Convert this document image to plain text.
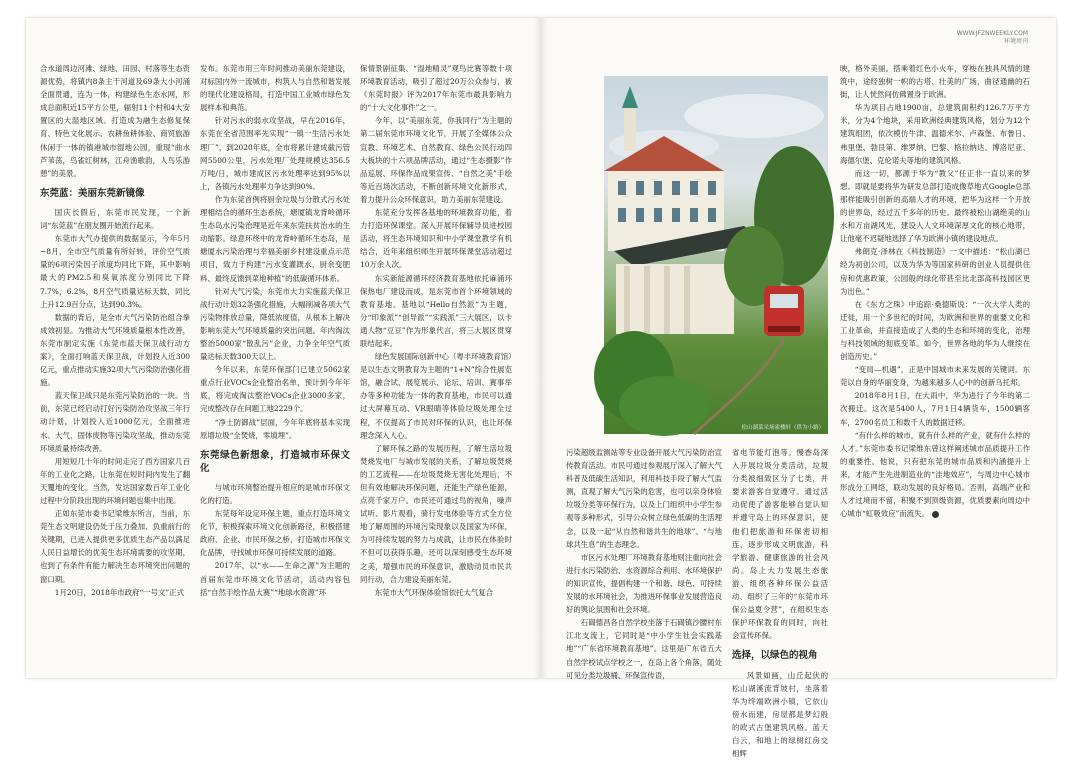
WWW.JFZNWEEKLY.COM
环境周刊

合水道周边河滩、绿地、田园、村落等生态资源优势，将镇内8条主干河道及69条大小河涌全面贯通，连为一体，构建绿色生态水网，形成总面积近15平方公里，辐射11个村和4大安置区的大湿地区域。打造成为融生态修复保育、特色文化展示、农耕鱼耕体验、商贸旅游休闲于一体的镇港城市湿地公园，重现“曲水芦苇荡，鸟雀红树林，江舟渔歌韵，人鸟乐游憩”的美景。

东莞蓝：美丽东莞新镜像

国庆长假后，东莞市民发现，一个新词“东莞蓝”在朋友圈开始流行起来。

东莞市大气办提供的数据显示，今年5月~8月，全市空气质量有所好转，评价空气质量的6项污染因子浓度均同比下降，其中影响最大的PM2.5和臭氧浓度分别同比下降7.7%，6.2%，8月空气质量达标天数，同比上升12.9百分点，达到90.3%。

数据的背后，是全市大气污染防治组合拳成效初显。为推动大气环境质量根本性改善，东莞市制定实施《东莞市蓝天保卫战行动方案》，全面打响蓝天保卫战，计划投入近300亿元，重点推动实施32项大气污染防治强化措施。

蓝天保卫战只是东莞污染防治的一块。当前，东莞已经启动打好污染防治攻坚战三年行动计划，计划投入近1000亿元，全面推进水、大气、固体废物等污染攻坚战，推动东莞环境质量持续改善。

用短短几十年的时间走完了西方国家几百年的工业化之路，让东莞在短时间内发生了翻天覆地的变化。当然，发达国家数百年工业化过程中分阶段出现的环境问题也集中出现。

正如东莞市委书记梁维东所言，当前，东莞生态文明建设仍处于压力叠加、负重前行的关键期，已进入提供更多优质生态产品以满足人民日益增长的优美生态环境需要的攻坚期，也到了有条件有能力解决生态环境突出问题的窗口期。

1月20日，2018年市政府“一号文”正式

发布。东莞市用三年时间推动美丽东莞建设，对标国内外一流城市，构筑人与自然和谐发展的现代化建设格局，打造中国工业城市绿色发展样本和典范。

针对污水的弱水攻坚战，早在2016年，东莞在全省范围率先实现“一镇一生活污水处理厂”，到2020年底，全市将累计建成截污管网5500公里，污水处理厂处理规模达356.5万吨/日，城市建成区污水处理率达到95%以上，各镇污水处理率力争达到90%。

作为东莞首例将厨余垃圾与分散式污水处理相结合的循环生态系统，塘厦镇龙背岭循环生态岛水污染治理是近年来东莞扶贫治水的生动缩影。绿意环绕中的龙背岭循环生态岛，是塘厦水污染治理与幸福美丽乡村建设重点示范项目，致力于构建“污水变灌溉水、厨余变肥料、最终反馈到菜地种植”的低碳循环体系。

针对大气污染，东莞市大力实施蓝天保卫战行动计划32条强化措施，大幅削减各项大气污染物排放总量，降低浓度值，从根本上解决影响东莞大气环境质量的突出问题。年内淘汰整治5000家“散乱污”企业，力争全年空气质量达标天数300天以上。

今年以来，东莞环保部门已建立5062家重点行业VOCs企业整治名单，预计到今年年底，将完成淘汰整治VOCs企业3000多家，完成整改存在问题工地2229个。

“净土防御战”层面，今年年底将基本实现原增垃圾“全焚烧，零填埋”。

东莞绿色新想象，打造城市环保文化

与城市环境整治提升相应的是城市环保文化的打造。

东莞每年设定环保主题，重点打造环境文化节，积极探索环境文化创新路径，积极搭建政府、企业、市民环保之桥，打造城市环保文化品牌，寻找城市环保可持续发展的道路。

2017年，以“水——生命之源”为主题的首届东莞市环境文化节活动，活动内容包括“自然手绘作品大赛”“地球水资源”环

保情景剧征集、“湿地精灵”观鸟比赛等数十项环境教育活动，吸引了超过20万公众参与，被《东莞时报》评为2017年东莞市最具影响力的“十大文化事件”之一。

今年，以“美丽东莞，你我同行”为主题的第二届东莞市环境文化节，开展了全媒体公众宣教、环境艺术、自然教育、绿色公民行动四大板块的十六项品牌活动，通过“生态摄影”作品巡展、环保作品成果宣传、“自然之美”手绘等近百场次活动，不断创新环境文化新形式，着力提升公众环保意识，助力美丽东莞建设。

东莞充分发挥各基地的环境教育功能，着力打造环保课堂。深入开展环保辅导员进校园活动，将生态环境知识和中小学课堂教学有机结合，近年来组织师生开展环保课堂活动超过10万余人次。

东实新能源循环经济教育基地依托麻涌环保热电厂建设而成，是东莞市首个环境领域的教育基地。基地以“Hello自然派”为主题，分“印象派”“创导派”“实践派”三大展区，以卡通人物“豆豆”作为形象代言，将三大展区贯穿联结起来。

绿色发展国际创新中心（粤丰环境教育馆）是以生态文明教育为主题的“1+N”综合性展览馆，融合试、展览展示、论坛、培训、赛事举办等多种功能为一体的教育基地，市民可以通过大屏幕互动、VR眼睛等体验垃圾处理全过程，不仅提高了市民对环保的认识，也让环保理念深入人心。

了解环保之路的发展历程，了解生活垃圾焚烧发电厂与城市发展的关系，了解垃圾焚烧的工艺流程——在垃圾焚烧无害化处理后，不但有效地解决环保问题，还能生产绿色能源，点亮千家万户。市民还可通过鸟的视角，噪声试听、影片观看，骑行发电体验等方式全方位地了解周围的环境污染现象以及国家为环保，为可持续发展的努力与成就，让市民在体验时不但可以获得乐趣，还可以深刻感受生态环境之美，增强市民的环保意识，激励动员市民共同行动，合力建设美丽东莞。

东莞市大气环保体验馆依托大气复合

松山湖菜采场雀楼轩（供为小路）

映，格外美丽。搭乘着红色小火车，穿梭在独具风情的建筑中，途经独树一帜的古塔、壮美的广场，曲径通幽的石街，让人恍然间仿佛置身于欧洲。

华为项目占地1900亩，总建筑面积约126.7万平方米，分为4个地块，采用欧洲经典建筑风格，划分为12个建筑组团，依次模仿牛津、温德米尔、卢森堡、布鲁日、弗里堡、勃艮第、维罗纳、巴黎、格拉纳达、博洛尼亚、海德尔堡、克伦诺夫等地的建筑风格。

而这一切，都源于华为“教父”任正非一直以来的梦想。即就是要将华为研发总部打造成像草地式Google总部那样能吸引创新的高端人才的环境，把华为这样一个开放的世界岛，经过五千多年的历史。最终被松山湖绝美的山水和万亩湖风光，建设入人文环境深厚文化的核心地带，让他毫不迟疑地选择了华为欧洲小镇的建设地点。

弗朗克·泽林在《科技制造》一文中描述：“松山湖已经为初创公司，以及为华为等国家科研的创业人员提供住房和优惠政策，公园般的绿化带甚至比北部高科技园区更为出色。”

在《东方之珠》中追踪·桑德斯说：“一次大学人类的迁徙，用一个多世纪的时间，为欧洲和世界的重要文化和工业革命，并直接造成了人类的生态和环境的变化，治理与科技领域的彻底变革。如今，世界各地的华为人继续在创造历史。”

“变局—机遇”，正是中国城市未来发展的关键词。东莞以自身的华丽变身，为越来越多人心中的创新乌托邦。

2018年8月1日，在大雨中，华为进行了今年的第二次搬迁。这次是5400人，7月1日4辆货车，1500辆客车，2700名员工和数千人的数据迁移。

“有什么样的城市，就有什么样的产业，就有什么样的人才。”东莞市委书记梁维东曾这样阐述城市品质提升工作的重要性。他说，只有把东莞的城市品质和内涵提升上来，才能产生先进制造业的“洼地效应”，与周边中心城市形成分工网络，联动发展的良好格局。否则，高端产业和人才过境而不留，积聚不到顶级资源，优质要素向周边中心城市“虹吸效应”而流失。

污染超级监测站等专业设备开展大气污染防治宣传教育活动。市民可通过参观展厅深入了解大气科普及低碳生活知识，利用科技手段了解大气监测，直观了解大气污染的危害，也可以亲身体验垃圾分类等环保行为，以及上门组织中小学生参观等多种形式，引导公众树立绿色低碳的生活理念，以及一起“从自然和谐共生的地球”、“与地球共生息”的生态理念。

市区污水处理厂环境教育基地则注重向社会进行水污染防治、水资源综合利用、水环境保护的知识宣传，提倡构建一个和谐、绿色、可持续发展的水环境社会，为推进环保事业发展营造良好的舆论氛围和社会环境。

石碣德昌各自然学校坐落于石碣镇沙腰村东江北支流上，它同时是“中小学生社会实践基地”“广东省环境教育基地”。这里是广东省五大自然学校试点学校之一，在岛上各个角落，随处可见分类垃圾桶、环保宣传语，

省电节能灯泡等。慢香岛深入开展垃圾分类活动，垃圾分类被细致区分了七类，并要求游客自觉遵守。通过活动促使了游客能够自觉认知并遵守岛上的环保意识，使他们把旅游和环保密切相连，逐步形成文明旅游，科学旅游、健康旅游的社会风尚。岛上大力发展生态旅游、组织各种环保公益活动、组织了三年的“东莞市环保公益夏令营”，在组织生态保护环保教育的同时，向社会宣传环保。

选择，以绿色的视角

风景如画，山丘起伏的松山湖溪流背坡村，坐落着华为终端欧洲小镇，它依山傍水而建，房屋都是梦幻般的欧式古堡建筑风格。蓝天白云，和地上的绿树红房交相辉
